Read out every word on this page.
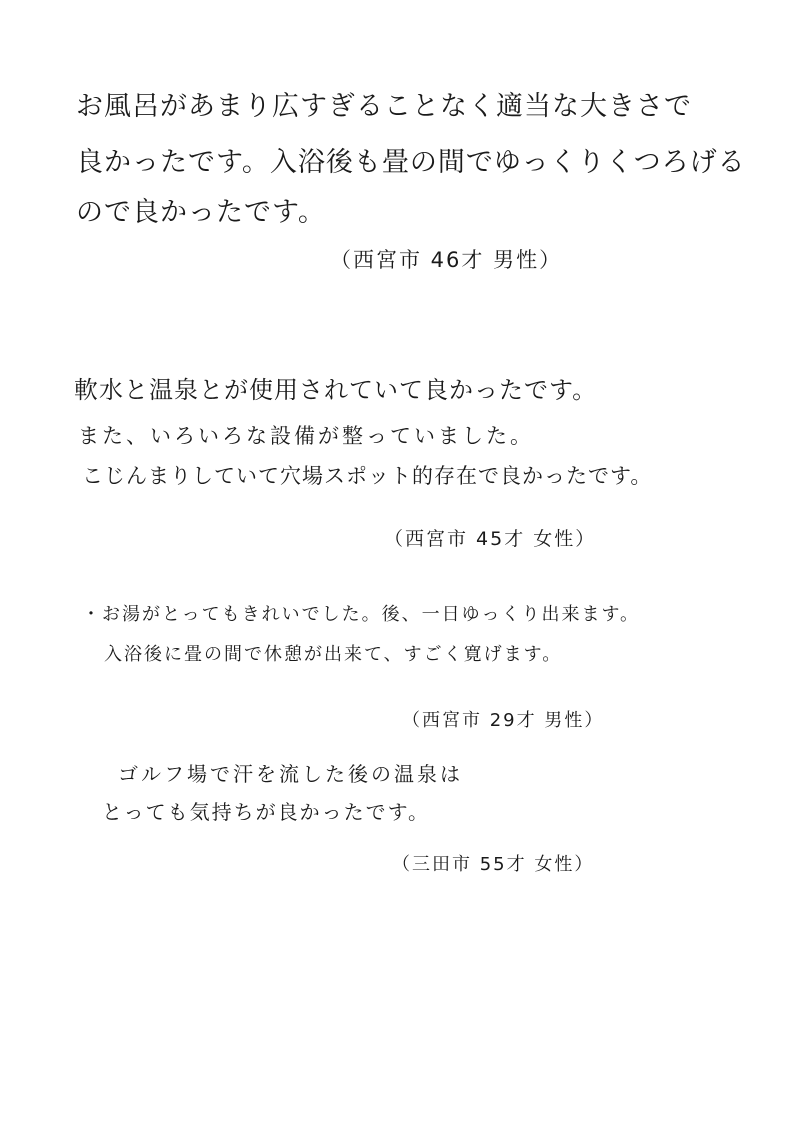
お風呂があまり広すぎることなく適当な大きさで
良かったです。入浴後も畳の間でゆっくりくつろげる
ので良かったです。
（西宮市 46才 男性）
軟水と温泉とが使用されていて良かったです。
また、いろいろな設備が整っていました。
こじんまりしていて穴場スポット的存在で良かったです。
（西宮市 45才 女性）
・お湯がとってもきれいでした。後、一日ゆっくり出来ます。
入浴後に畳の間で休憩が出来て、すごく寛げます。
（西宮市 29才 男性）
ゴルフ場で汗を流した後の温泉は
とっても気持ちが良かったです。
（三田市 55才 女性）
